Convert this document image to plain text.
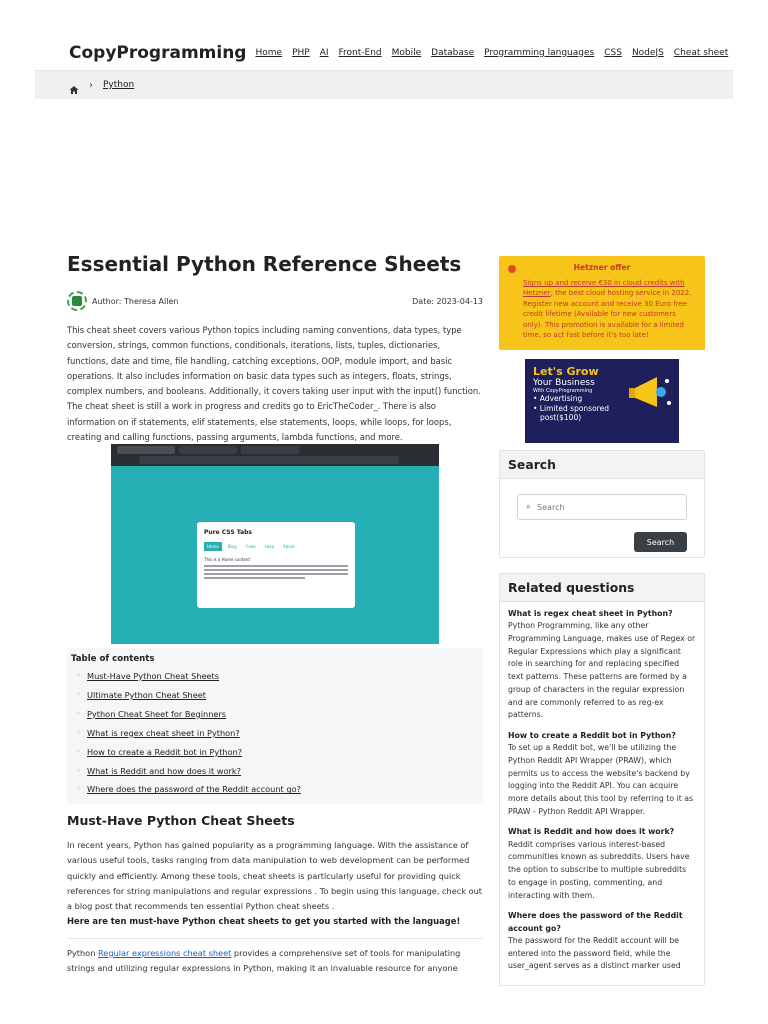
CopyProgramming Home PHP AI Front-End Mobile Database Programming languages CSS NodeJS Cheat sheet
› Python
Essential Python Reference Sheets
Author: Theresa Allen	Date: 2023-04-13

This cheat sheet covers various Python topics including naming conventions, data types, type conversion, strings, common functions, conditionals, iterations, lists, tuples, dictionaries, functions, date and time, file handling, catching exceptions, OOP, module import, and basic operations. It also includes information on basic data types such as integers, floats, strings, complex numbers, and booleans. Additionally, it covers taking user input with the input() function. The cheat sheet is still a work in progress and credits go to EricTheCoder_. There is also information on if statements, elif statements, else statements, loops, while loops, for loops, creating and calling functions, passing arguments, lambda functions, and more.

Pure CSS Tabs
Home	Blog	Code	Help	About
This is a Home content
Table of contents
◦ Must-Have Python Cheat Sheets
◦ Ultimate Python Cheat Sheet
◦ Python Cheat Sheet for Beginners
◦ What is regex cheat sheet in Python?
◦ How to create a Reddit bot in Python?
◦ What is Reddit and how does it work?
◦ Where does the password of the Reddit account go?
Must-Have Python Cheat Sheets

In recent years, Python has gained popularity as a programming language. With the assistance of various useful tools, tasks ranging from data manipulation to web development can be performed quickly and efficiently. Among these tools, cheat sheets is particularly useful for providing quick references for string manipulations and regular expressions . To begin using this language, check out a blog post that recommends ten essential Python cheat sheets .

Here are ten must-have Python cheat sheets to get you started with the language!

Python Regular expressions cheat sheet provides a comprehensive set of tools for manipulating strings and utilizing regular expressions in Python, making it an invaluable resource for anyone

Hetzner offer
Signs up and receive €30 in cloud credits with Hetzner, the best cloud hosting service in 2022. Register new account and receive 30 Euro free credit lifetime (Available for new customers only). This promotion is available for a limited time, so act fast before it's too late!
Let's Grow
Your Business
With CopyProgramming
• Advertising
• Limited sponsored
post($100)
Search
⌕ Search
Search
Related questions
What is regex cheat sheet in Python?
Python Programming, like any other Programming Language, makes use of Regex or Regular Expressions which play a significant role in searching for and replacing specified text patterns. These patterns are formed by a group of characters in the regular expression and are commonly referred to as reg-ex patterns.
How to create a Reddit bot in Python?
To set up a Reddit bot, we'll be utilizing the Python Reddit API Wrapper (PRAW), which permits us to access the website's backend by logging into the Reddit API. You can acquire more details about this tool by referring to it as PRAW - Python Reddit API Wrapper.
What is Reddit and how does it work?
Reddit comprises various interest-based communities known as subreddits. Users have the option to subscribe to multiple subreddits to engage in posting, commenting, and interacting with them.
Where does the password of the Reddit account go?
The password for the Reddit account will be entered into the password field, while the user_agent serves as a distinct marker used
